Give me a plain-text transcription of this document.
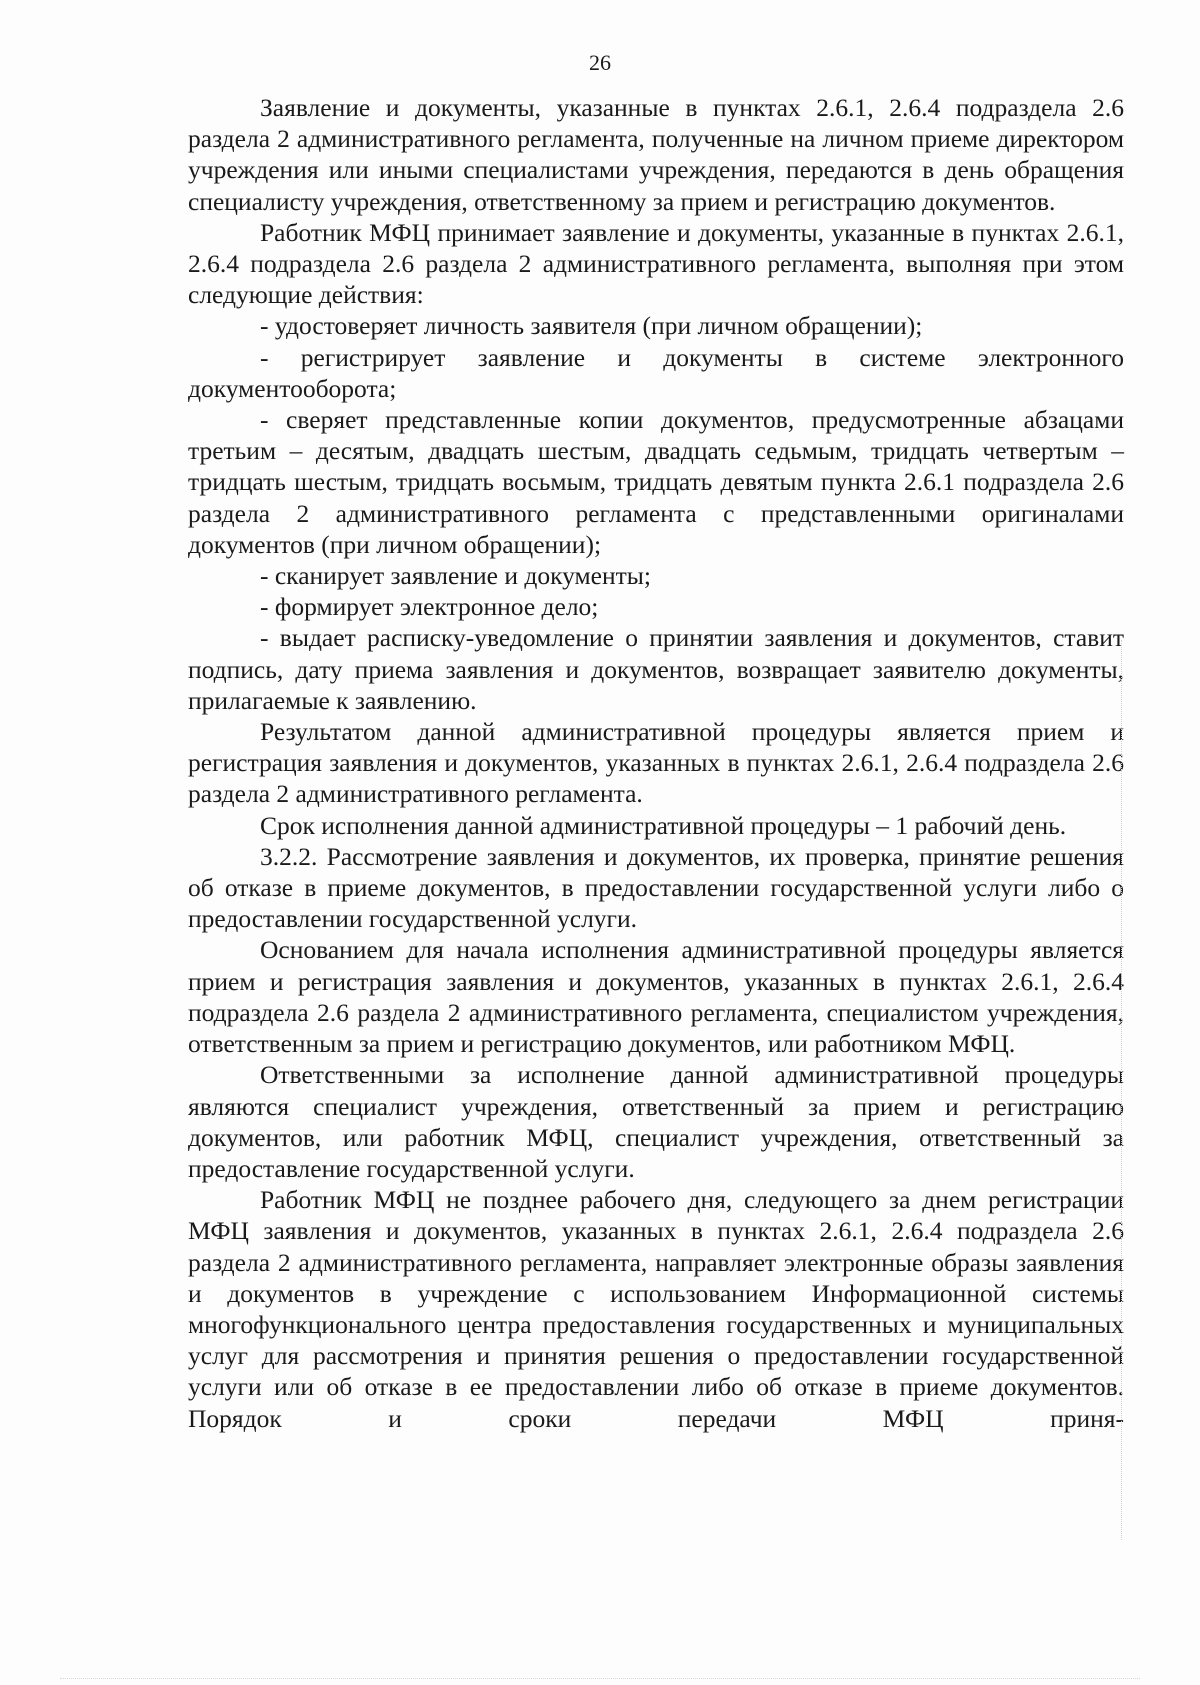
26

Заявление и документы, указанные в пунктах 2.6.1, 2.6.4 подраздела 2.6 раздела 2 административного регламента, полученные на личном приеме директором учреждения или иными специалистами учреждения, передаются в день обращения специалисту учреждения, ответственному за прием и регистрацию документов.

Работник МФЦ принимает заявление и документы, указанные в пунктах 2.6.1, 2.6.4 подраздела 2.6 раздела 2 административного регламента, выполняя при этом следующие действия:

- удостоверяет личность заявителя (при личном обращении);

- регистрирует заявление и документы в системе электронного документооборота;

- сверяет представленные копии документов, предусмотренные абзацами третьим – десятым, двадцать шестым, двадцать седьмым, тридцать четвертым – тридцать шестым, тридцать восьмым, тридцать девятым пункта 2.6.1 подраздела 2.6 раздела 2 административного регламента с представленными оригиналами документов (при личном обращении);

- сканирует заявление и документы;

- формирует электронное дело;

- выдает расписку-уведомление о принятии заявления и документов, ставит подпись, дату приема заявления и документов, возвращает заявителю документы, прилагаемые к заявлению.

Результатом данной административной процедуры является прием и регистрация заявления и документов, указанных в пунктах 2.6.1, 2.6.4 подраздела 2.6 раздела 2 административного регламента.

Срок исполнения данной административной процедуры – 1 рабочий день.

3.2.2. Рассмотрение заявления и документов, их проверка, принятие решения об отказе в приеме документов, в предоставлении государственной услуги либо о предоставлении государственной услуги.

Основанием для начала исполнения административной процедуры является прием и регистрация заявления и документов, указанных в пунктах 2.6.1, 2.6.4 подраздела 2.6 раздела 2 административного регламента, специалистом учреждения, ответственным за прием и регистрацию документов, или работником МФЦ.

Ответственными за исполнение данной административной процедуры являются специалист учреждения, ответственный за прием и регистрацию документов, или работник МФЦ, специалист учреждения, ответственный за предоставление государственной услуги.

Работник МФЦ не позднее рабочего дня, следующего за днем регистрации МФЦ заявления и документов, указанных в пунктах 2.6.1, 2.6.4 подраздела 2.6 раздела 2 административного регламента, направляет электронные образы заявления и документов в учреждение с использованием Информационной системы многофункционального центра предоставления государственных и муниципальных услуг для рассмотрения и принятия решения о предоставлении государственной услуги или об отказе в ее предоставлении либо об отказе в приеме документов. Порядок и сроки передачи МФЦ приня-
